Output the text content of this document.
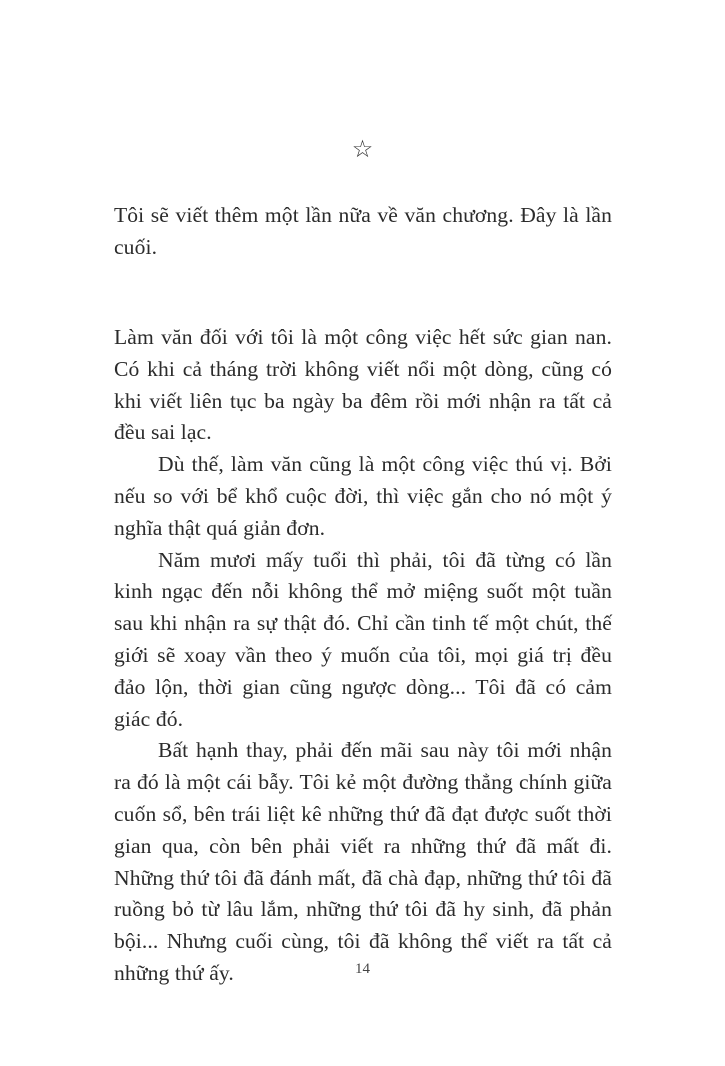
☆

Tôi sẽ viết thêm một lần nữa về văn chương. Đây là lần cuối.

Làm văn đối với tôi là một công việc hết sức gian nan. Có khi cả tháng trời không viết nổi một dòng, cũng có khi viết liên tục ba ngày ba đêm rồi mới nhận ra tất cả đều sai lạc.

Dù thế, làm văn cũng là một công việc thú vị. Bởi nếu so với bể khổ cuộc đời, thì việc gắn cho nó một ý nghĩa thật quá giản đơn.

Năm mươi mấy tuổi thì phải, tôi đã từng có lần kinh ngạc đến nỗi không thể mở miệng suốt một tuần sau khi nhận ra sự thật đó. Chỉ cần tinh tế một chút, thế giới sẽ xoay vần theo ý muốn của tôi, mọi giá trị đều đảo lộn, thời gian cũng ngược dòng... Tôi đã có cảm giác đó.

Bất hạnh thay, phải đến mãi sau này tôi mới nhận ra đó là một cái bẫy. Tôi kẻ một đường thẳng chính giữa cuốn sổ, bên trái liệt kê những thứ đã đạt được suốt thời gian qua, còn bên phải viết ra những thứ đã mất đi. Những thứ tôi đã đánh mất, đã chà đạp, những thứ tôi đã ruồng bỏ từ lâu lắm, những thứ tôi đã hy sinh, đã phản bội... Nhưng cuối cùng, tôi đã không thể viết ra tất cả những thứ ấy.	14
